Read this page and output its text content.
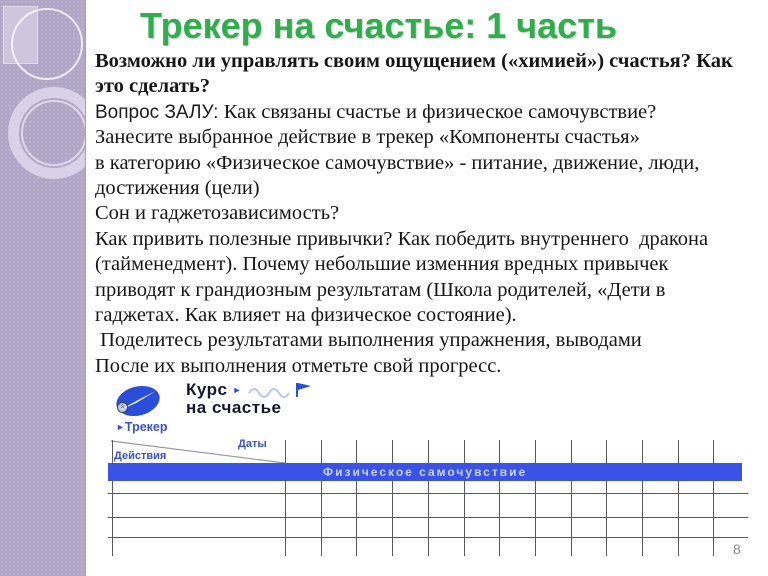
Трекер на счастье: 1 часть
Возможно ли управлять своим ощущением («химией») счастья? Как
это сделать?
Вопрос ЗАЛУ: Как связаны счастье и физическое самочувствие?
Занесите выбранное действие в трекер «Компоненты счастья»
в категорию «Физическое самочувствие» - питание, движение, люди,
достижения (цели)
Сон и гаджетозависимость?
Как привить полезные привычки? Как победить внутреннего  дракона
(тайменедмент). Почему небольшие изменния вредных привычек
приводят к грандиозным результатам (Школа родителей, «Дети в
гаджетах. Как влияет на физическое состояние).
Поделитесь результатами выполнения упражнения, выводами
После их выполнения отметьте свой прогресс.
s
Курс ►
на счастье
►Трекер
Даты
Действия
Физическое самочувствие
8
